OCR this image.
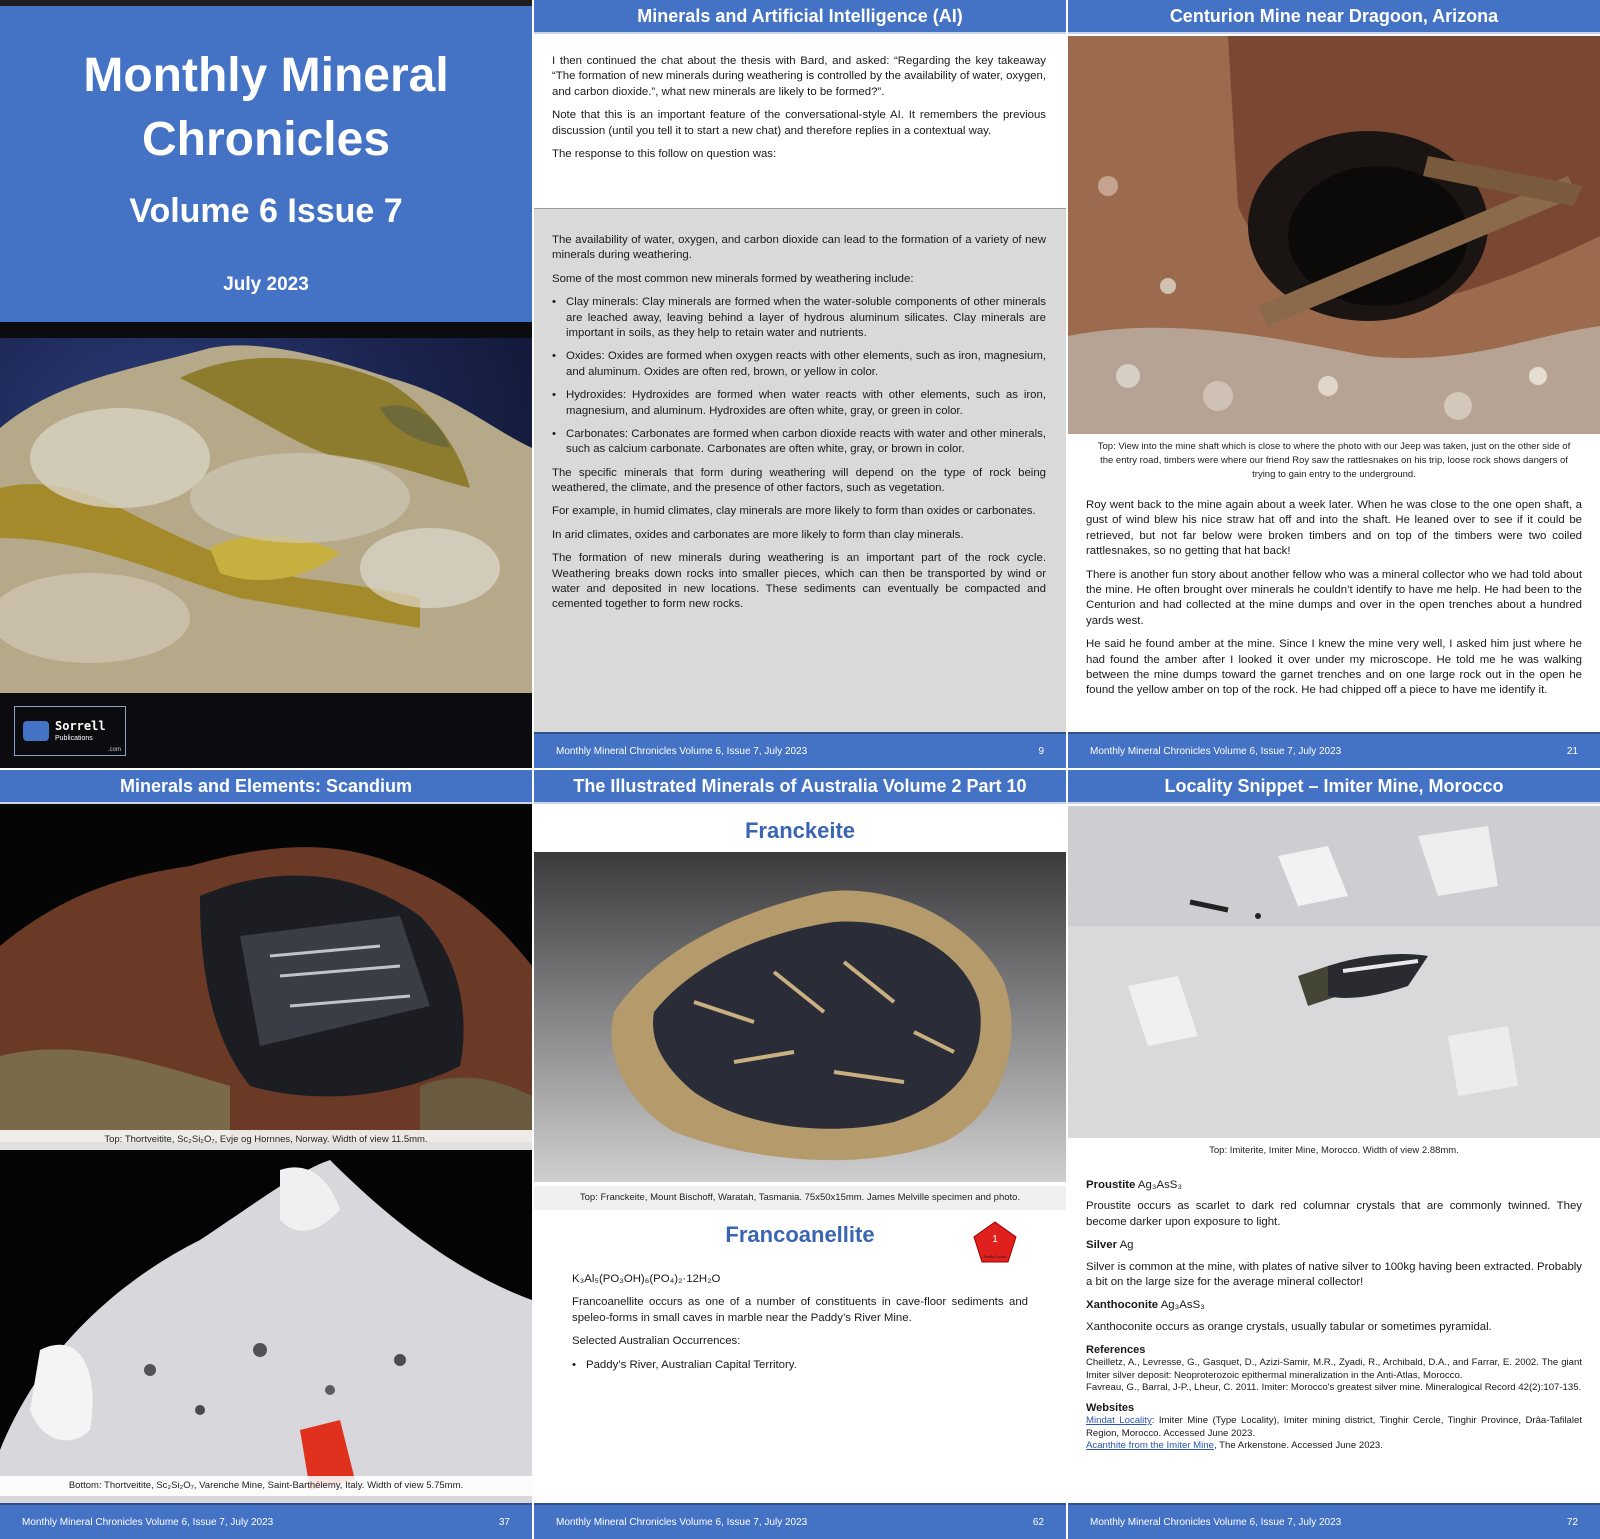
Monthly Mineral
Chronicles
Volume 6 Issue 7
July 2023
Sorrell
Publications
.com
Minerals and Artificial Intelligence (AI)

I then continued the chat about the thesis with Bard, and asked: “Regarding the key takeaway “The formation of new minerals during weathering is controlled by the availability of water, oxygen, and carbon dioxide.”, what new minerals are likely to be formed?”.

Note that this is an important feature of the conversational-style AI. It remembers the previous discussion (until you tell it to start a new chat) and therefore replies in a contextual way.

The response to this follow on question was:

The availability of water, oxygen, and carbon dioxide can lead to the formation of a variety of new minerals during weathering.

Some of the most common new minerals formed by weathering include:

• Clay minerals: Clay minerals are formed when the water-soluble components of other minerals are leached away, leaving behind a layer of hydrous aluminum silicates. Clay minerals are important in soils, as they help to retain water and nutrients.
• Oxides: Oxides are formed when oxygen reacts with other elements, such as iron, magnesium, and aluminum. Oxides are often red, brown, or yellow in color.
• Hydroxides: Hydroxides are formed when water reacts with other elements, such as iron, magnesium, and aluminum. Hydroxides are often white, gray, or green in color.
• Carbonates: Carbonates are formed when carbon dioxide reacts with water and other minerals, such as calcium carbonate. Carbonates are often white, gray, or brown in color.

The specific minerals that form during weathering will depend on the type of rock being weathered, the climate, and the presence of other factors, such as vegetation.

For example, in humid climates, clay minerals are more likely to form than oxides or carbonates.

In arid climates, oxides and carbonates are more likely to form than clay minerals.

The formation of new minerals during weathering is an important part of the rock cycle. Weathering breaks down rocks into smaller pieces, which can then be transported by wind or water and deposited in new locations. These sediments can eventually be compacted and cemented together to form new rocks.

Monthly Mineral Chronicles Volume 6, Issue 7, July 2023	9
Centurion Mine near Dragoon, Arizona
Top: View into the mine shaft which is close to where the photo with our Jeep was taken, just on the other side of the entry road, timbers were where our friend Roy saw the rattlesnakes on his trip, loose rock shows dangers of trying to gain entry to the underground.

Roy went back to the mine again about a week later. When he was close to the one open shaft, a gust of wind blew his nice straw hat off and into the shaft. He leaned over to see if it could be retrieved, but not far below were broken timbers and on top of the timbers were two coiled rattlesnakes, so no getting that hat back!

There is another fun story about another fellow who was a mineral collector who we had told about the mine. He often brought over minerals he couldn’t identify to have me help. He had been to the Centurion and had collected at the mine dumps and over in the open trenches about a hundred yards west.

He said he found amber at the mine. Since I knew the mine very well, I asked him just where he had found the amber after I looked it over under my microscope. He told me he was walking between the mine dumps toward the garnet trenches and on one large rock out in the open he found the yellow amber on top of the rock. He had chipped off a piece to have me identify it.

Monthly Mineral Chronicles Volume 6, Issue 7, July 2023	21
Minerals and Elements: Scandium
Top: Thortveitite, Sc₂Si₂O₇, Evje og Hornnes, Norway. Width of view 11.5mm.
Bottom: Thortveitite, Sc₂Si₂O₇, Varenche Mine, Saint-Barthélemy, Italy. Width of view 5.75mm.
Monthly Mineral Chronicles Volume 6, Issue 7, July 2023	37
The Illustrated Minerals of Australia Volume 2 Part 10
Franckeite
Top: Franckeite, Mount Bischoff, Waratah, Tasmania. 75x50x15mm. James Melville specimen and photo.
Francoanellite	1
Rarity Factor

K₃Al₅(PO₃OH)₆(PO₄)₂·12H₂O

Francoanellite occurs as one of a number of constituents in cave-floor sediments and speleo-forms in small caves in marble near the Paddy’s River Mine.

Selected Australian Occurrences:

• Paddy’s River, Australian Capital Territory.
Monthly Mineral Chronicles Volume 6, Issue 7, July 2023	62
Locality Snippet – Imiter Mine, Morocco
Top: Imiterite, Imiter Mine, Morocco. Width of view 2.88mm.

Proustite Ag₃AsS₃

Proustite occurs as scarlet to dark red columnar crystals that are commonly twinned. They become darker upon exposure to light.

Silver Ag

Silver is common at the mine, with plates of native silver to 100kg having been extracted. Probably a bit on the large size for the average mineral collector!

Xanthoconite Ag₃AsS₃

Xanthoconite occurs as orange crystals, usually tabular or sometimes pyramidal.

References
Cheilletz, A., Levresse, G., Gasquet, D., Azizi-Samir, M.R., Zyadi, R., Archibald, D.A., and Farrar, E. 2002. The giant Imiter silver deposit: Neoproterozoic epithermal mineralization in the Anti-Atlas, Morocco.
Favreau, G., Barral, J-P., Lheur, C. 2011. Imiter: Morocco's greatest silver mine. Mineralogical Record 42(2):107-135.
Websites
Mindat Locality: Imiter Mine (Type Locality), Imiter mining district, Tinghir Cercle, Tinghir Province, Drâa-Tafilalet Region, Morocco. Accessed June 2023.
Acanthite from the Imiter Mine, The Arkenstone. Accessed June 2023.
Monthly Mineral Chronicles Volume 6, Issue 7, July 2023	72
